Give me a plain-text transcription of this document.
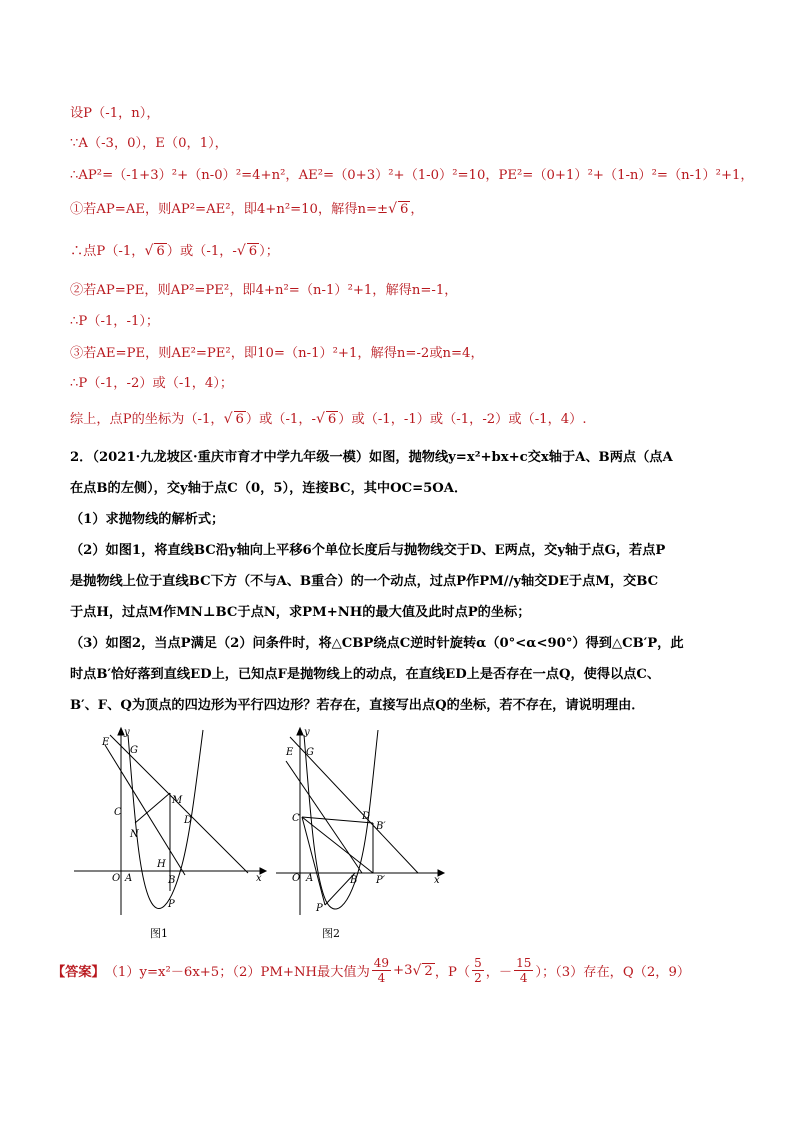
设P（-1，n），
∵A（-3，0），E（0，1），
∴AP²=（-1+3）²+（n-0）²=4+n²，AE²=（0+3）²+（1-0）²=10，PE²=（0+1）²+（1-n）²=（n-1）²+1，
①若AP=AE，则AP²=AE²，即4+n²=10，解得n=±√ 6 ，
∴点P（-1，√ 6 ）或（-1，-√ 6 ）；
②若AP=PE，则AP²=PE²，即4+n²=（n-1）²+1，解得n=-1，
∴P（-1，-1）；
③若AE=PE，则AE²=PE²，即10=（n-1）²+1，解得n=-2或n=4，
∴P（-1，-2）或（-1，4）；
综上，点P的坐标为（-1，√ 6 ）或（-1，-√ 6 ）或（-1，-1）或（-1，-2）或（-1，4）.
2．（2021·九龙坡区·重庆市育才中学九年级一模）如图，抛物线y=x²+bx+c交x轴于A、B两点（点A
在点B的左侧），交y轴于点C（0，5），连接BC，其中OC=5OA．
（1）求抛物线的解析式；
（2）如图1，将直线BC沿y轴向上平移6个单位长度后与抛物线交于D、E两点，交y轴于点G，若点P
是抛物线上位于直线BC下方（不与A、B重合）的一个动点，过点P作PM//y轴交DE于点M，交BC
于点H，过点M作MN⊥BC于点N，求PM+NH的最大值及此时点P的坐标；
（3）如图2，当点P满足（2）问条件时，将△CBP绕点C逆时针旋转α（0°<α<90°）得到△CB′P，此
时点B′恰好落到直线ED上，已知点F是抛物线上的动点，在直线ED上是否存在一点Q，使得以点C、
B′、F、Q为顶点的四边形为平行四边形？若存在，直接写出点Q的坐标，若不存在，请说明理由．
E
G
C
M
N
D
H
B
O A
P
x
y
图1
E G
C	D
B′
B P′
O A
P
x
y
图2
【答案】 （1）y=x²－6x+5；（2）PM+NH最大值为 $\frac{49}{4} +3$ √ 2 ，$P( \frac{5}{2}$ ，－ $\frac{15}{4}$ ）；（3）存在，Q（2，9）
